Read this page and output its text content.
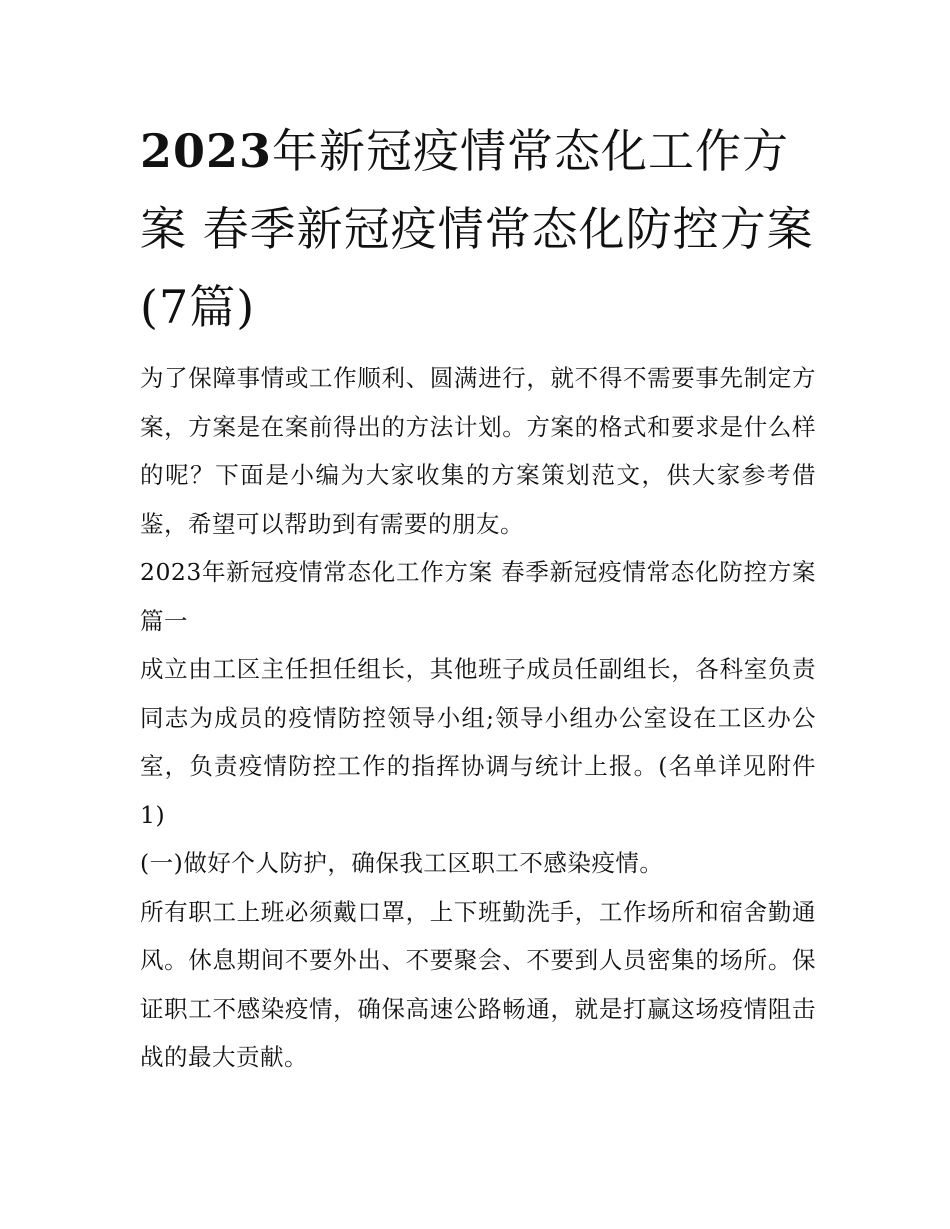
2023年新冠疫情常态化工作方案 春季新冠疫情常态化防控方案(7篇)

为了保障事情或工作顺利、圆满进行，就不得不需要事先制定方案，方案是在案前得出的方法计划。方案的格式和要求是什么样的呢？下面是小编为大家收集的方案策划范文，供大家参考借鉴，希望可以帮助到有需要的朋友。

2023年新冠疫情常态化工作方案 春季新冠疫情常态化防控方案篇一

成立由工区主任担任组长，其他班子成员任副组长，各科室负责同志为成员的疫情防控领导小组;领导小组办公室设在工区办公室，负责疫情防控工作的指挥协调与统计上报。(名单详见附件1)

(一)做好个人防护，确保我工区职工不感染疫情。

所有职工上班必须戴口罩，上下班勤洗手，工作场所和宿舍勤通风。休息期间不要外出、不要聚会、不要到人员密集的场所。保证职工不感染疫情，确保高速公路畅通，就是打赢这场疫情阻击战的最大贡献。
